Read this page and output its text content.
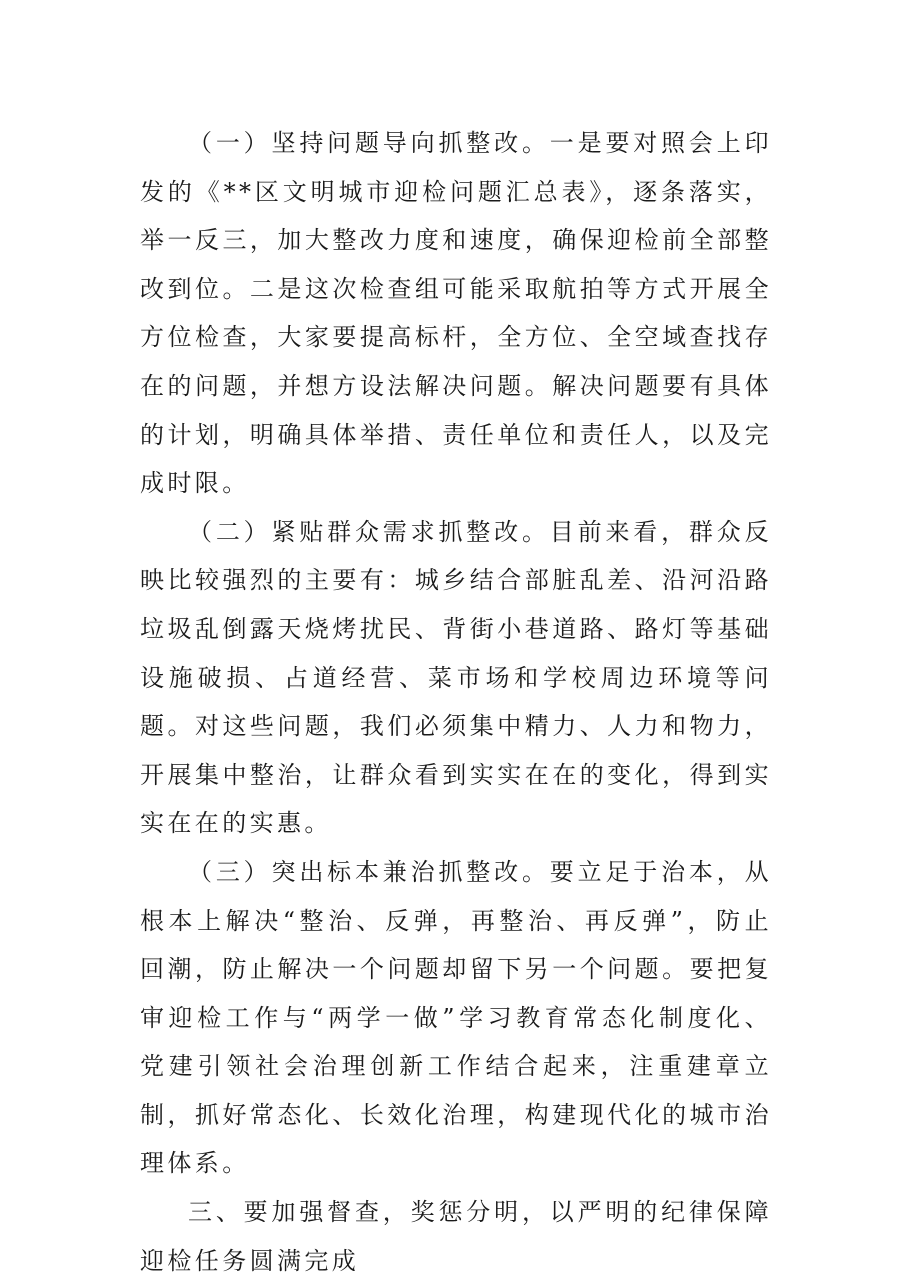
（一）坚持问题导向抓整改。一是要对照会上印发的《**区文明城市迎检问题汇总表》，逐条落实，举一反三，加大整改力度和速度，确保迎检前全部整改到位。二是这次检查组可能采取航拍等方式开展全方位检查，大家要提高标杆，全方位、全空域查找存在的问题，并想方设法解决问题。解决问题要有具体的计划，明确具体举措、责任单位和责任人，以及完成时限。

（二）紧贴群众需求抓整改。目前来看，群众反映比较强烈的主要有：城乡结合部脏乱差、沿河沿路垃圾乱倒露天烧烤扰民、背街小巷道路、路灯等基础设施破损、占道经营、菜市场和学校周边环境等问题。对这些问题，我们必须集中精力、人力和物力，开展集中整治，让群众看到实实在在的变化，得到实实在在的实惠。

（三）突出标本兼治抓整改。要立足于治本，从根本上解决“整治、反弹，再整治、再反弹”，防止回潮，防止解决一个问题却留下另一个问题。要把复审迎检工作与“两学一做”学习教育常态化制度化、党建引领社会治理创新工作结合起来，注重建章立制，抓好常态化、长效化治理，构建现代化的城市治理体系。

三、要加强督查，奖惩分明，以严明的纪律保障迎检任务圆满完成
